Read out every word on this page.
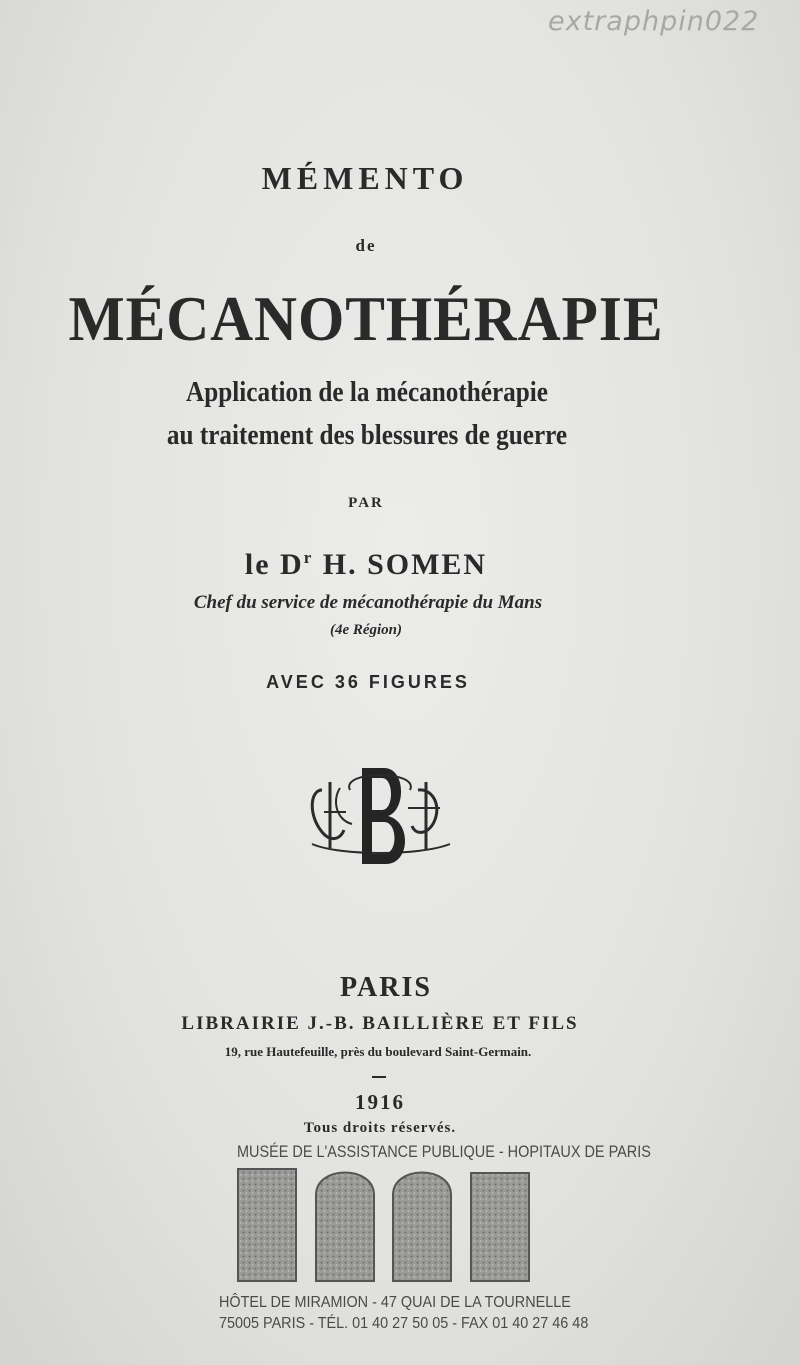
extraphpin022
MÉMENTO
de
MÉCANOTHÉRAPIE
Application de la mécanothérapie
au traitement des blessures de guerre
PAR
le $D^r$ H. SOMEN
Chef du service de mécanothérapie du Mans
(4e Région)
AVEC 36 FIGURES
PARIS
LIBRAIRIE J.-B. BAILLIÈRE ET FILS
19, rue Hautefeuille, près du boulevard Saint-Germain.
1916
Tous droits réservés.
MUSÉE DE L'ASSISTANCE PUBLIQUE - HOPITAUX DE PARIS
HÔTEL DE MIRAMION - 47 QUAI DE LA TOURNELLE
75005 PARIS - TÉL. 01 40 27 50 05 - FAX 01 40 27 46 48
